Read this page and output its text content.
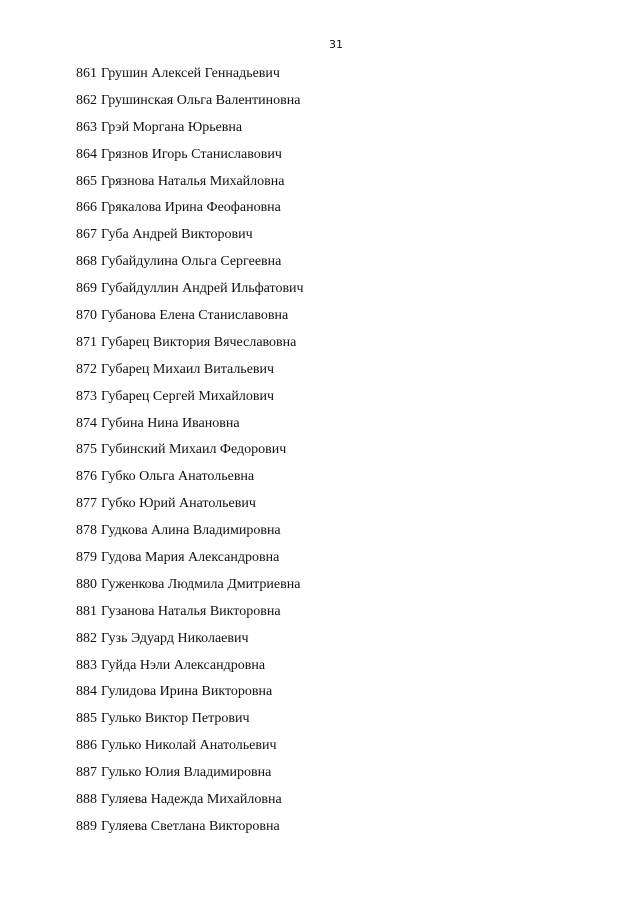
31
861 Грушин Алексей Геннадьевич
862 Грушинская Ольга Валентиновна
863 Грэй Моргана Юрьевна
864 Грязнов Игорь Станиславович
865 Грязнова Наталья Михайловна
866 Грякалова Ирина Феофановна
867 Губа Андрей Викторович
868 Губайдулина Ольга Сергеевна
869 Губайдуллин Андрей Ильфатович
870 Губанова Елена Станиславовна
871 Губарец Виктория Вячеславовна
872 Губарец Михаил Витальевич
873 Губарец Сергей Михайлович
874 Губина Нина Ивановна
875 Губинский Михаил Федорович
876 Губко Ольга Анатольевна
877 Губко Юрий Анатольевич
878 Гудкова Алина Владимировна
879 Гудова Мария Александровна
880 Гуженкова Людмила Дмитриевна
881 Гузанова Наталья Викторовна
882 Гузь Эдуард Николаевич
883 Гуйда Нэли Александровна
884 Гулидова Ирина Викторовна
885 Гулько Виктор Петрович
886 Гулько Николай Анатольевич
887 Гулько Юлия Владимировна
888 Гуляева Надежда Михайловна
889 Гуляева Светлана Викторовна
